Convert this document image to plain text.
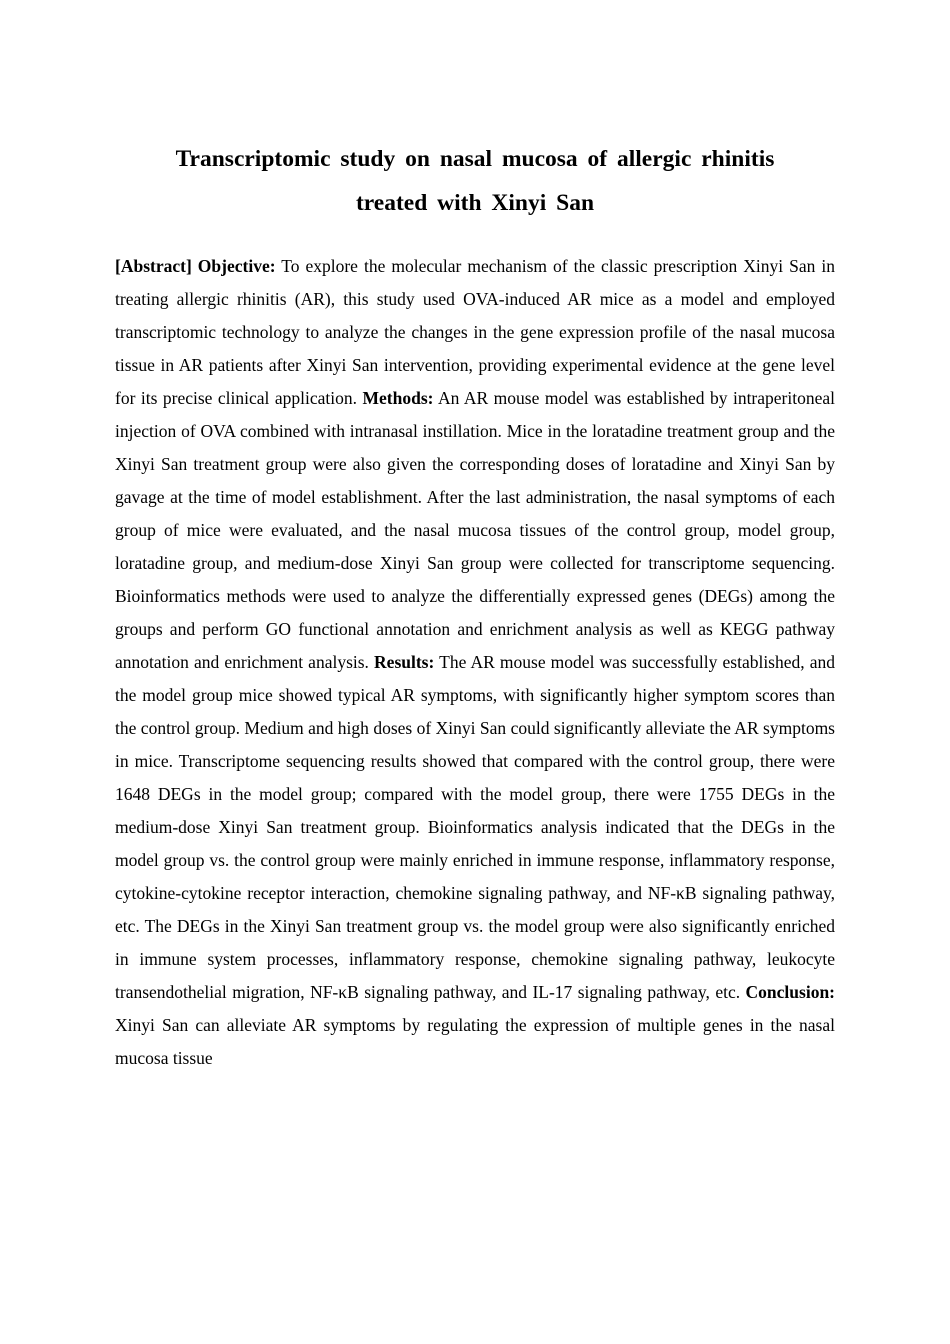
Transcriptomic study on nasal mucosa of allergic rhinitis
treated with Xinyi San

[Abstract] Objective: To explore the molecular mechanism of the classic prescription Xinyi San in treating allergic rhinitis (AR), this study used OVA-induced AR mice as a model and employed transcriptomic technology to analyze the changes in the gene expression profile of the nasal mucosa tissue in AR patients after Xinyi San intervention, providing experimental evidence at the gene level for its precise clinical application. Methods: An AR mouse model was established by intraperitoneal injection of OVA combined with intranasal instillation. Mice in the loratadine treatment group and the Xinyi San treatment group were also given the corresponding doses of loratadine and Xinyi San by gavage at the time of model establishment. After the last administration, the nasal symptoms of each group of mice were evaluated, and the nasal mucosa tissues of the control group, model group, loratadine group, and medium-dose Xinyi San group were collected for transcriptome sequencing. Bioinformatics methods were used to analyze the differentially expressed genes (DEGs) among the groups and perform GO functional annotation and enrichment analysis as well as KEGG pathway annotation and enrichment analysis. Results: The AR mouse model was successfully established, and the model group mice showed typical AR symptoms, with significantly higher symptom scores than the control group. Medium and high doses of Xinyi San could significantly alleviate the AR symptoms in mice. Transcriptome sequencing results showed that compared with the control group, there were 1648 DEGs in the model group; compared with the model group, there were 1755 DEGs in the medium-dose Xinyi San treatment group. Bioinformatics analysis indicated that the DEGs in the model group vs. the control group were mainly enriched in immune response, inflammatory response, cytokine-cytokine receptor interaction, chemokine signaling pathway, and NF-κB signaling pathway, etc. The DEGs in the Xinyi San treatment group vs. the model group were also significantly enriched in immune system processes, inflammatory response, chemokine signaling pathway, leukocyte transendothelial migration, NF-κB signaling pathway, and IL-17 signaling pathway, etc. Conclusion: Xinyi San can alleviate AR symptoms by regulating the expression of multiple genes in the nasal mucosa tissue
